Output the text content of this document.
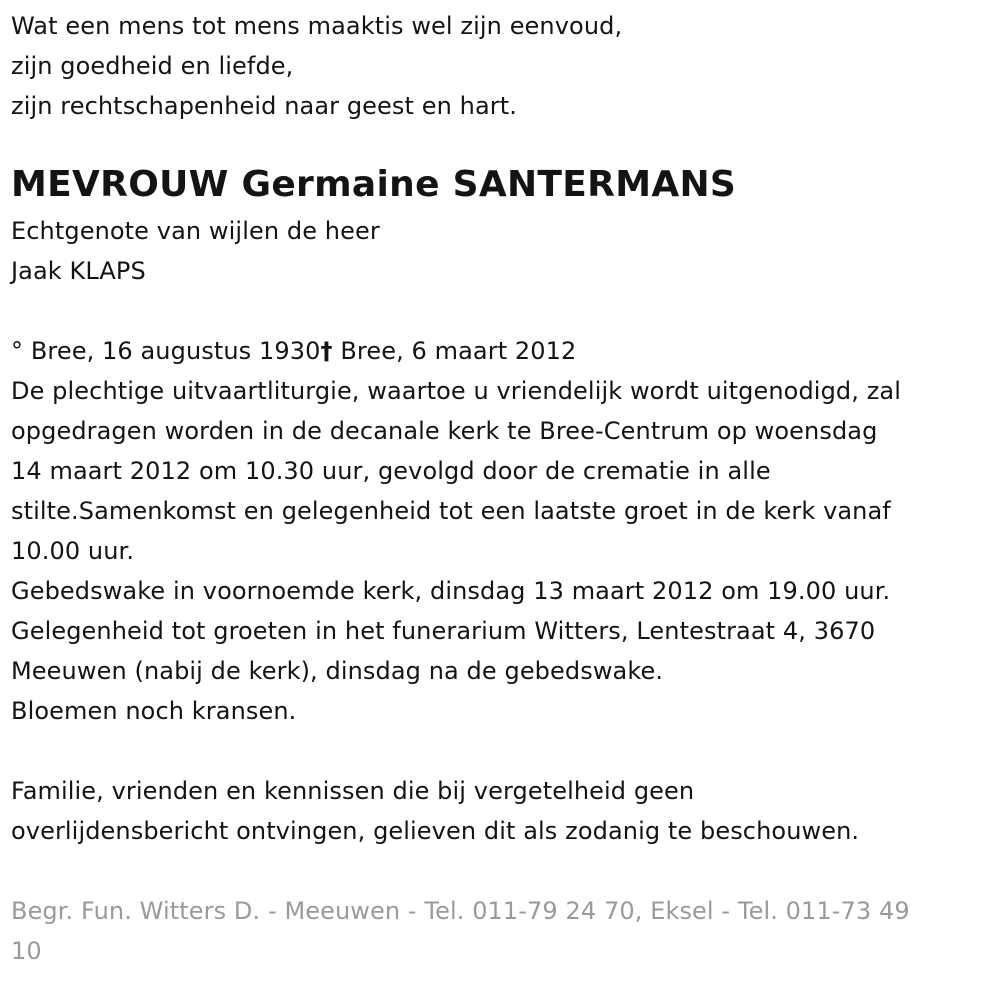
Wat een mens tot mens maaktis wel zijn eenvoud,
zijn goedheid en liefde,
zijn rechtschapenheid naar geest en hart.
MEVROUW Germaine SANTERMANS
Echtgenote van wijlen de heer
Jaak KLAPS
° Bree, 16 augustus 1930† Bree, 6 maart 2012
De plechtige uitvaartliturgie, waartoe u vriendelijk wordt uitgenodigd, zal
opgedragen worden in de decanale kerk te Bree-Centrum op woensdag
14 maart 2012 om 10.30 uur, gevolgd door de crematie in alle
stilte.Samenkomst en gelegenheid tot een laatste groet in de kerk vanaf
10.00 uur.
Gebedswake in voornoemde kerk, dinsdag 13 maart 2012 om 19.00 uur.
Gelegenheid tot groeten in het funerarium Witters, Lentestraat 4, 3670
Meeuwen (nabij de kerk), dinsdag na de gebedswake.
Bloemen noch kransen.
Familie, vrienden en kennissen die bij vergetelheid geen
overlijdensbericht ontvingen, gelieven dit als zodanig te beschouwen.
Begr. Fun. Witters D. - Meeuwen - Tel. 011-79 24 70, Eksel - Tel. 011-73 49
10
